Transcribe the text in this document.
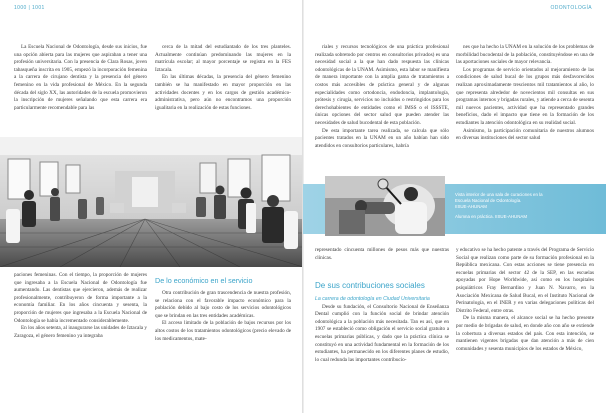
1000 | 1001

La Escuela Nacional de Odontología, desde sus inicios, fue una opción abierta para las mujeres que aspiraban a tener una profesión universitaria. Con la presencia de Clara Rosas, joven tabasqueña inscrita en 1905, empezó la incorporación femenina a la carrera de cirujano dentista y la presencia del género femenino en la vida profesional de México. En la segunda década del siglo XX, las autoridades de la escuela promovieron la inscripción de mujeres señalando que esta carrera era particularmente recomendable para las

cerca de la mitad del estudiantado de los tres planteles. Actualmente continúan predominando las mujeres en la matrícula escolar; al mayor porcentaje se registra en la FES Iztacala.

En las últimas décadas, la presencia del género femenino también se ha manifestado en mayor proporción en las actividades docentes y en los cargos de gestión académico-administrativa, pero aún no encontramos una proporción igualitaria en la realización de estas funciones.

paciones femeninas. Con el tiempo, la proporción de mujeres que ingresaba a la Escuela Nacional de Odontología fue aumentando. Las dentistas que ejercieron, además de realizar profesionalmente, contribuyeron de forma importante a la economía familiar. En los años cincuenta y sesenta, la proporción de mujeres que ingresaba a la Escuela Nacional de Odontología se había incrementado considerablemente.

En los años setenta, al inaugurarse las unidades de Iztacala y Zaragoza, el género femenino ya integraba

De lo económico en el servicio

Otra contribución de gran trascendencia de nuestra profesión, se relaciona con el favorable impacto económico para la población debido al bajo costo de los servicios odontológicos que se brindan en las tres entidades académicas.

El acceso limitado de la población de bajos recursos por los altos costos de los tratamientos odontológicos (precio elevado de los medicamentos, mate-

ODONTOLOGÍA

riales y recursos tecnológicos de una práctica profesional realizada sobretodo por centros en consultorios privados) es una necesidad social a la que han dado respuesta las clínicas odontológicas de la UNAM. Asimismo, esta labor se manifiesta de manera importante con la amplia gama de tratamientos a costos más accesibles de práctica general y de algunas especialidades como ortodoncia, endodoncia, implantología, prótesis y cirugía, servicios no incluidos o restringidos para los derechohabientes de entidades como el IMSS o el ISSSTE, únicas opciones del sector salud que pueden atender las necesidades de salud bucodental de esta población.

De esta importante tarea realizada, se calcula que sólo pacientes tratados en la UNAM en un año habían han sido atendidos en consultorios particulares, habría

nes que ha hecho la UNAM en la solución de los problemas de morbilidad bucodental de la población, constituyéndose en una de las aportaciones sociales de mayor relevancia.

Los programas de servicio orientados al mejoramiento de las condiciones de salud bucal de los grupos más desfavorecidos realizan aproximadamente trescientos mil tratamientos al año, lo que representa alrededor de novecientos mil consultas en sus programas internos y brigadas rurales, y atiende a cerca de sesenta mil nuevos pacientes, actividad que ha representado grandes beneficios, dado el impacto que tiene en la formación de los estudiantes la atención odontológica en su realidad social.

Asimismo, la participación comunitaria de nuestros alumnos en diversas instituciones del sector salud

Vista interior de una sala de curaciones en la
Escuela Nacional de Odontología.
IISUE-AHUNAM
Alumna en práctica. IISUE-AHUNAM

representado cincuenta millones de pesos más que nuestras clínicas.

De sus contribuciones sociales
La carrera de odontología en Ciudad Universitaria

Desde su fundación, el Consultorio Nacional de Enseñanza Dental cumplió con la función social de brindar atención odontológica a la población más necesitada. Tan es así, que en 1907 se estableció como obligación el servicio social gratuito a escuelas primarias públicas, y dado que la práctica clínica se constituyó en una actividad fundamental en la formación de los estudiantes, ha permanecido en los diferentes planes de estudio, lo cual redunda las importantes contribucio-

y educativo se ha hecho patente a través del Programa de Servicio Social que realizan como parte de su formación profesional en la República mexicana. Con estas acciones se tiene presencia en escuelas primarias del sector 42 de la SEP, en las escuelas apoyadas por Hope Worldwide, así como en los hospitales psiquiátricos Fray Bernardino y Juan N. Navarro, en la Asociación Mexicana de Salud Bucal, en el Instituto Nacional de Perinatología, en el INER y en varias delegaciones políticas del Distrito Federal, entre otras.

De la misma manera, el alcance social se ha hecho presente por medio de brigadas de salud, en donde año con año se extiende la cobertura a diversas estados del país. Con esta intención, se mantienen vigentes brigadas que dan atención a más de cien comunidades y sesenta municipios de los estados de México,
